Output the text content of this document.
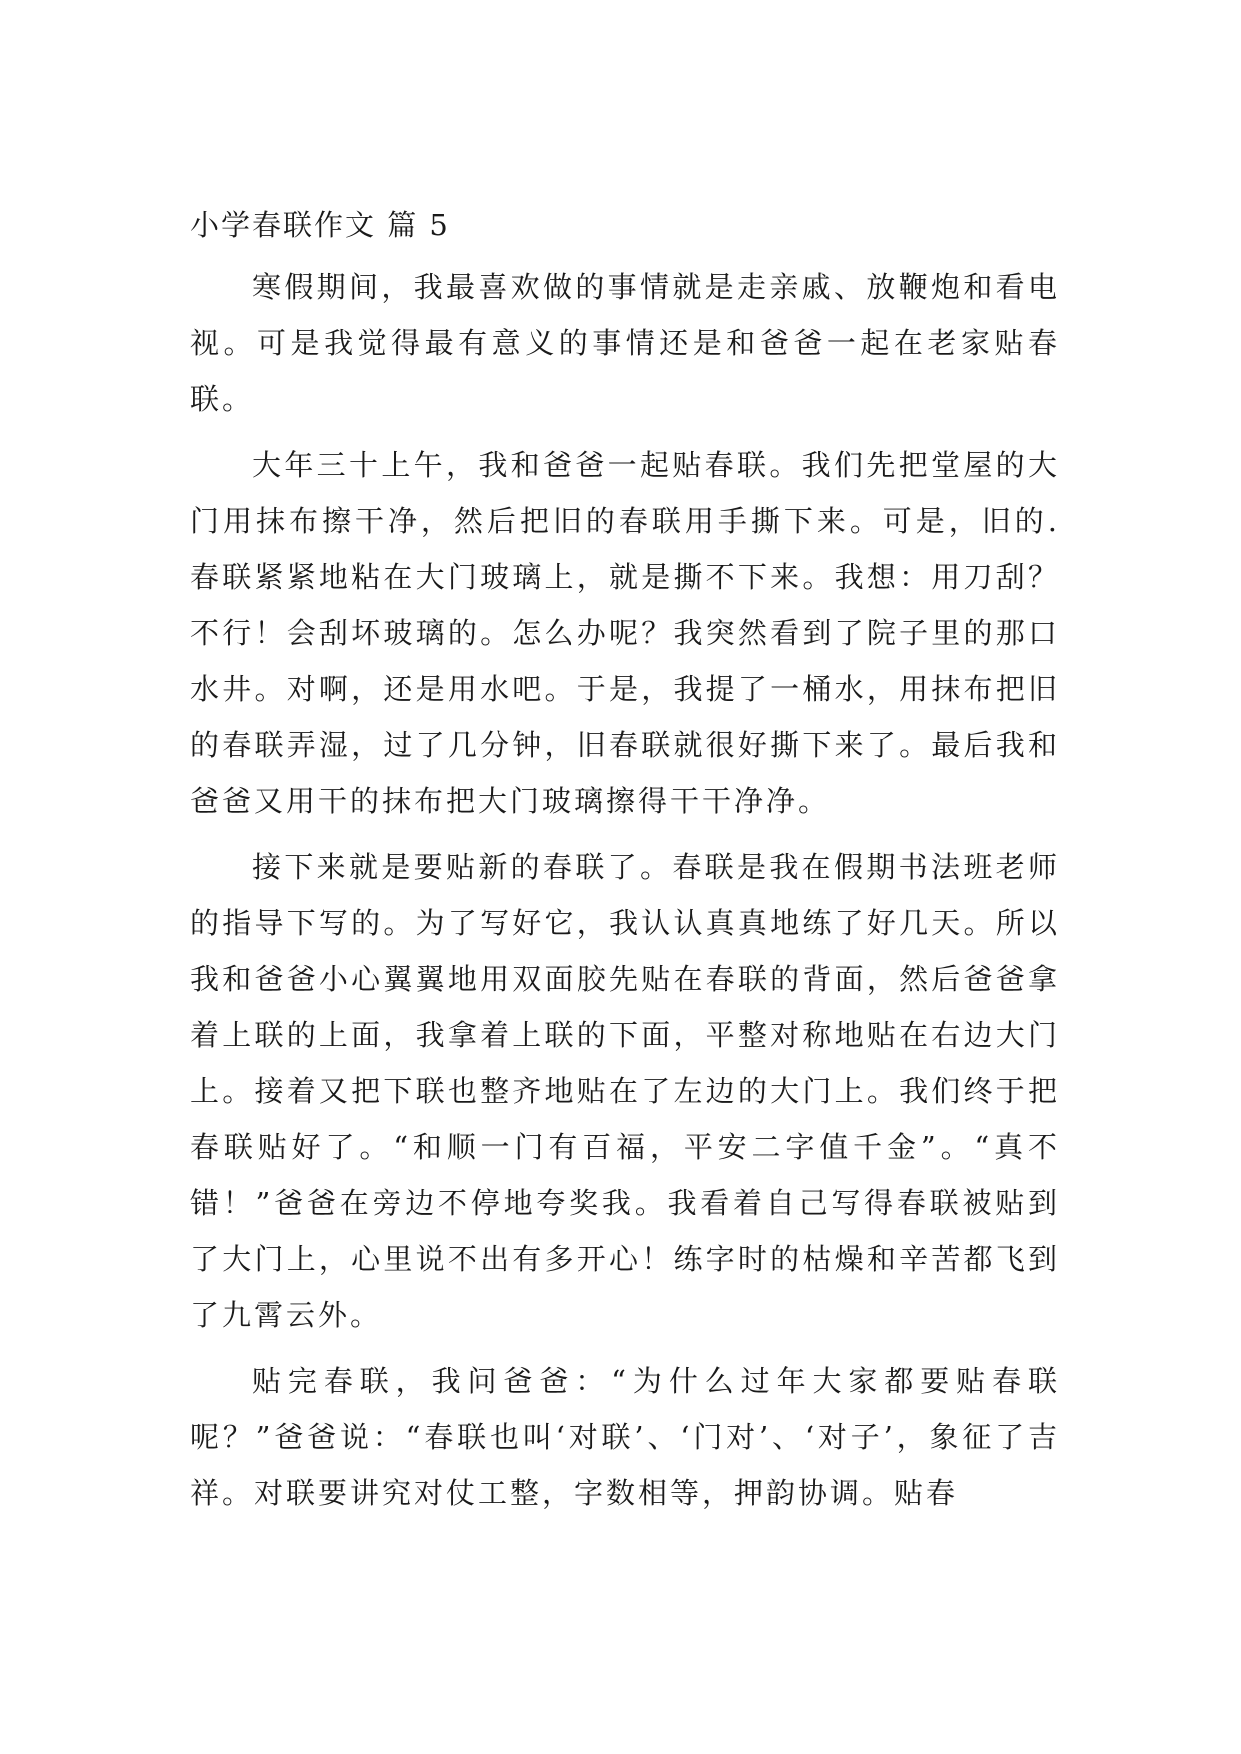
小学春联作文 篇 5

寒假期间，我最喜欢做的事情就是走亲戚、放鞭炮和看电视。可是我觉得最有意义的事情还是和爸爸一起在老家贴春联。

大年三十上午，我和爸爸一起贴春联。我们先把堂屋的大门用抹布擦干净，然后把旧的春联用手撕下来。可是，旧的.春联紧紧地粘在大门玻璃上，就是撕不下来。我想：用刀刮？不行！会刮坏玻璃的。怎么办呢？我突然看到了院子里的那口水井。对啊，还是用水吧。于是，我提了一桶水，用抹布把旧的春联弄湿，过了几分钟，旧春联就很好撕下来了。最后我和爸爸又用干的抹布把大门玻璃擦得干干净净。

接下来就是要贴新的春联了。春联是我在假期书法班老师的指导下写的。为了写好它，我认认真真地练了好几天。所以我和爸爸小心翼翼地用双面胶先贴在春联的背面，然后爸爸拿着上联的上面，我拿着上联的下面，平整对称地贴在右边大门上。接着又把下联也整齐地贴在了左边的大门上。我们终于把春联贴好了。“和顺一门有百福，平安二字值千金”。“真不错！”爸爸在旁边不停地夸奖我。我看着自己写得春联被贴到了大门上，心里说不出有多开心！练字时的枯燥和辛苦都飞到了九霄云外。

贴完春联，我问爸爸：“为什么过年大家都要贴春联呢？”爸爸说：“春联也叫‘对联’、‘门对’、‘对子’，象征了吉祥。对联要讲究对仗工整，字数相等，押韵协调。贴春
